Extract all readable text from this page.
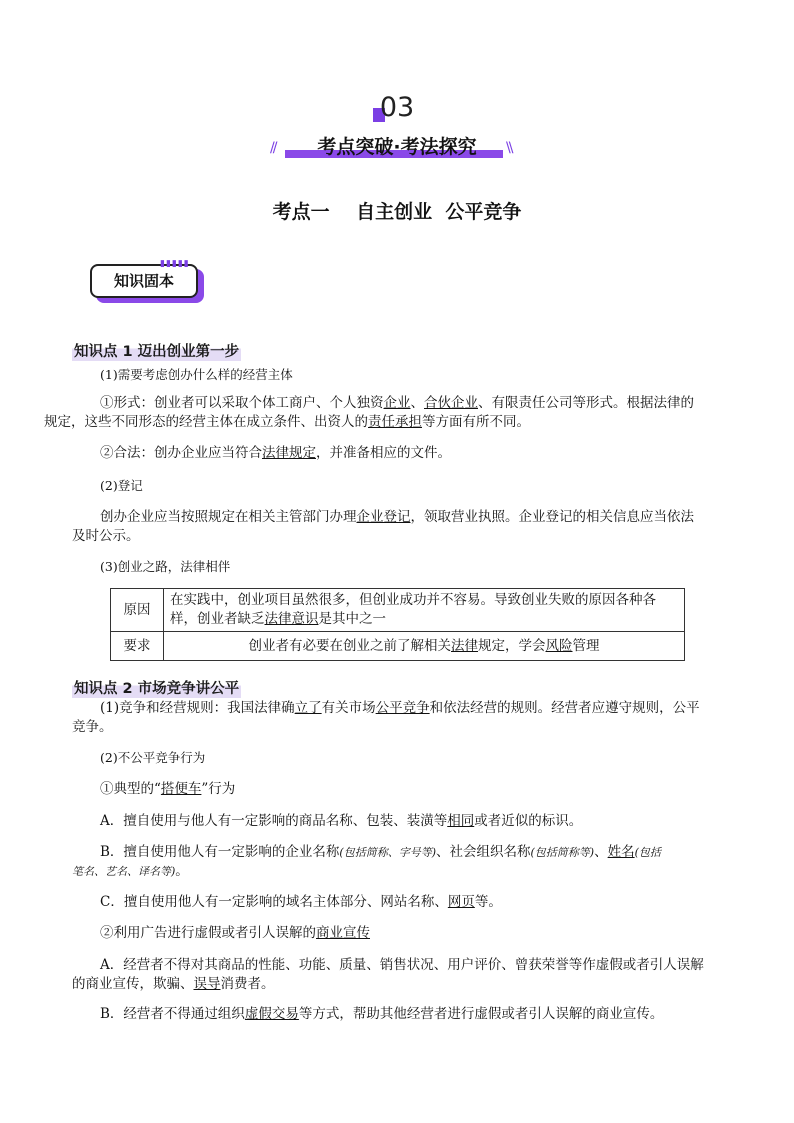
03
//	\\
考点突破·考法探究
考点一    自主创业  公平竞争
知识固本
▮▮▮▮▮
知识点 1 迈出创业第一步
(1)需要考虑创办什么样的经营主体
①形式：创业者可以采取个体工商户、个人独资企业、合伙企业、有限责任公司等形式。根据法律的
规定，这些不同形态的经营主体在成立条件、出资人的责任承担等方面有所不同。
②合法：创办企业应当符合法律规定，并准备相应的文件。
(2)登记
创办企业应当按照规定在相关主管部门办理企业登记，领取营业执照。企业登记的相关信息应当依法
及时公示。
(3)创业之路，法律相伴
原因	在实践中，创业项目虽然很多，但创业成功并不容易。导致创业失败的原因各种各
样，创业者缺乏法律意识是其中之一
要求	创业者有必要在创业之前了解相关法律规定，学会风险管理
知识点 2 市场竞争讲公平
(1)竞争和经营规则：我国法律确立了有关市场公平竞争和依法经营的规则。经营者应遵守规则，公平
竞争。
(2)不公平竞争行为
①典型的“搭便车”行为
A．擅自使用与他人有一定影响的商品名称、包装、装潢等相同或者近似的标识。
B．擅自使用他人有一定影响的企业名称(包括简称、字号等)、社会组织名称(包括简称等)、姓名(包括
笔名、艺名、译名等)。
C．擅自使用他人有一定影响的域名主体部分、网站名称、网页等。
②利用广告进行虚假或者引人误解的商业宣传
A．经营者不得对其商品的性能、功能、质量、销售状况、用户评价、曾获荣誉等作虚假或者引人误解
的商业宣传，欺骗、误导消费者。
B．经营者不得通过组织虚假交易等方式，帮助其他经营者进行虚假或者引人误解的商业宣传。
